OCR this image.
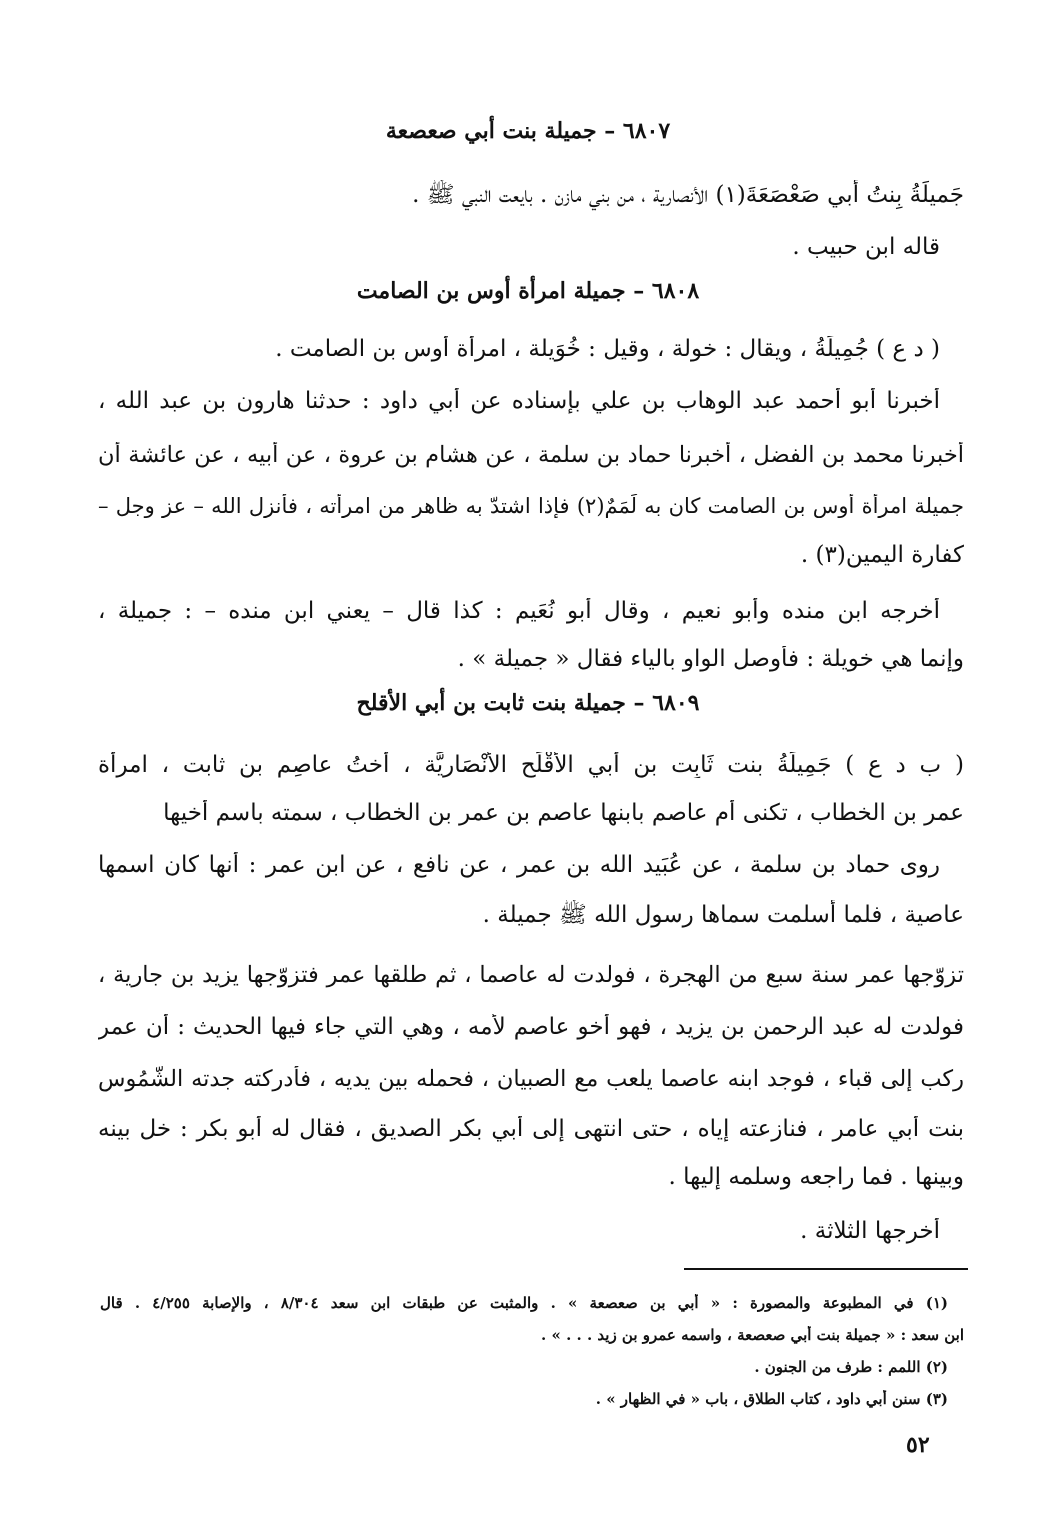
٦٨٠٧ – جميلة بنت أبي صعصعة
جَميلَةُ بِنتُ أبي صَعْصَعَةَ(١) الأنصارية ، من بني مازن . بايعت النبي ﷺ .
قاله ابن حبيب .
٦٨٠٨ – جميلة امرأة أوس بن الصامت
( د ع ) جُمِيلَةُ ، ويقال : خولة ، وقيل : خُوَيلة ، امرأة أوس بن الصامت .
أخبرنا أبو أحمد عبد الوهاب بن علي بإسناده عن أبي داود : حدثنا هارون بن عبد الله ،
أخبرنا محمد بن الفضل ، أخبرنا حماد بن سلمة ، عن هشام بن عروة ، عن أبيه ، عن عائشة أن
جميلة امرأة أوس بن الصامت كان به لَمَمٌ(٢) فإذا اشتدّ به ظاهر من امرأته ، فأنزل الله – عز وجل –
كفارة اليمين(٣) .
أخرجه ابن منده وأبو نعيم ، وقال أبو نُعَيم : كذا قال – يعني ابن منده – : جميلة ،
وإنما هي خويلة : فأوصل الواو بالياء فقال « جميلة » .
٦٨٠٩ – جميلة بنت ثابت بن أبي الأقلح
( ب د ع ) جَمِيلَةُ بنت ثَابِت بن أبي الأَقْلَح الأَنْصَارِيَّة ، أُختُ عاصِمِ بن ثابت ، امرأة
عمر بن الخطاب ، تكنى أم عاصم بابنها عاصم بن عمر بن الخطاب ، سمته باسم أخيها
روى حماد بن سلمة ، عن عُبَيد الله بن عمر ، عن نافع ، عن ابن عمر : أنها كان اسمها
عاصية ، فلما أسلمت سماها رسول الله ﷺ جميلة .
تزوّجها عمر سنة سبع من الهجرة ، فولدت له عاصما ، ثم طلقها عمر فتزوّجها يزيد بن جارية ،
فولدت له عبد الرحمن بن يزيد ، فهو أخو عاصم لأمه ، وهي التي جاء فيها الحديث : أن عمر
ركب إلى قباء ، فوجد ابنه عاصما يلعب مع الصبيان ، فحمله بين يديه ، فأدركته جدته الشَّمُوس
بنت أبي عامر ، فنازعته إياه ، حتى انتهى إلى أبي بكر الصديق ، فقال له أبو بكر : خل بينه
وبينها . فما راجعه وسلمه إليها .
أخرجها الثلاثة .
(١) في المطبوعة والمصورة : « أبي بن صعصعة » . والمثبت عن طبقات ابن سعد ٨/٣٠٤ ، والإصابة ٤/٢٥٥ . قال
ابن سعد : « جميلة بنت أبي صعصعة ، واسمه عمرو بن زيد . . . » .
(٢) اللمم : طرف من الجنون .
(٣) سنن أبي داود ، كتاب الطلاق ، باب « في الظهار » .
٥٢
